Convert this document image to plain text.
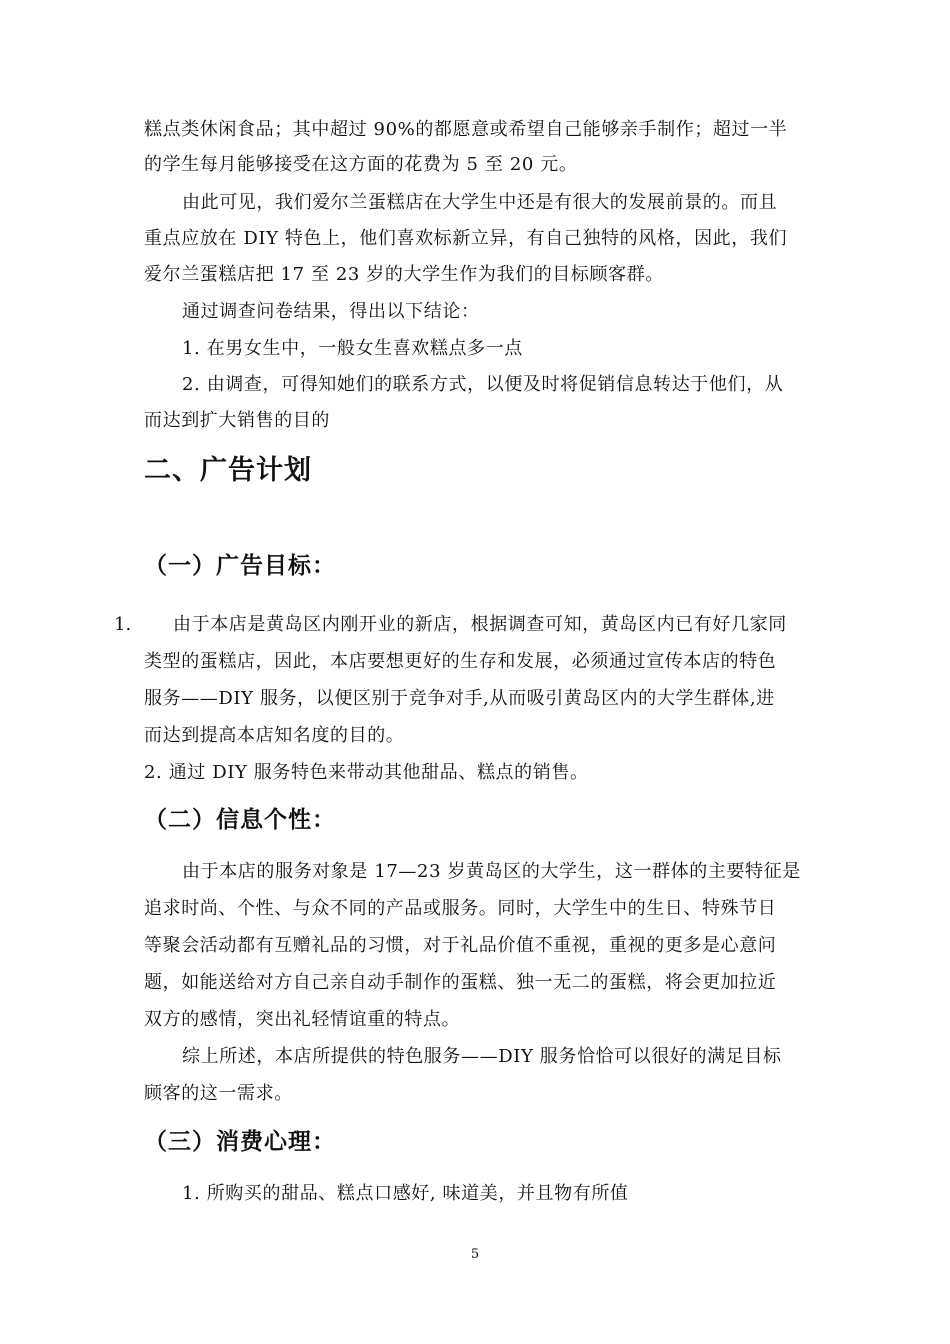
糕点类休闲食品；其中超过 90%的都愿意或希望自己能够亲手制作；超过一半
的学生每月能够接受在这方面的花费为 5 至 20 元。
由此可见，我们爱尔兰蛋糕店在大学生中还是有很大的发展前景的。而且
重点应放在 DIY 特色上，他们喜欢标新立异，有自己独特的风格，因此，我们
爱尔兰蛋糕店把 17 至 23 岁的大学生作为我们的目标顾客群。
通过调查问卷结果，得出以下结论：
1. 在男女生中，一般女生喜欢糕点多一点
2. 由调查，可得知她们的联系方式，以便及时将促销信息转达于他们，从
而达到扩大销售的目的
二、广告计划
（一）广告目标：
1. 由于本店是黄岛区内刚开业的新店，根据调查可知，黄岛区内已有好几家同
类型的蛋糕店，因此，本店要想更好的生存和发展，必须通过宣传本店的特色
服务——DIY 服务，以便区别于竞争对手,从而吸引黄岛区内的大学生群体,进
而达到提高本店知名度的目的。
2. 通过 DIY 服务特色来带动其他甜品、糕点的销售。
（二）信息个性：
由于本店的服务对象是 17—23 岁黄岛区的大学生，这一群体的主要特征是
追求时尚、个性、与众不同的产品或服务。同时，大学生中的生日、特殊节日
等聚会活动都有互赠礼品的习惯，对于礼品价值不重视，重视的更多是心意问
题，如能送给对方自己亲自动手制作的蛋糕、独一无二的蛋糕，将会更加拉近
双方的感情，突出礼轻情谊重的特点。
综上所述，本店所提供的特色服务——DIY 服务恰恰可以很好的满足目标
顾客的这一需求。
（三）消费心理：
1. 所购买的甜品、糕点口感好, 味道美，并且物有所值
5
